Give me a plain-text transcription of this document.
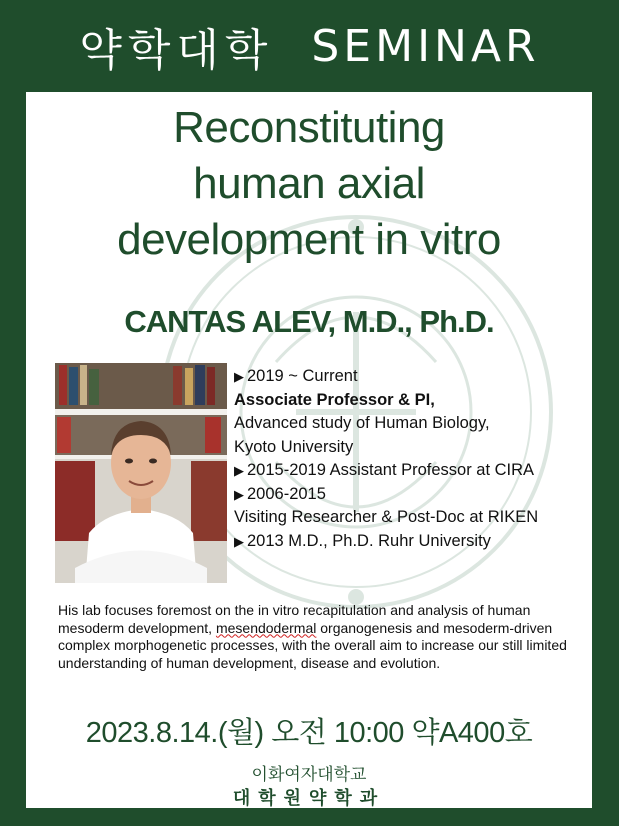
약학대학 SEMINAR
Reconstituting
human axial
development in vitro
CANTAS ALEV, M.D., Ph.D.
▶ 2019 ~ Current
Associate Professor & PI,
Advanced study of Human Biology,
Kyoto University
▶ 2015-2019 Assistant Professor at CIRA
▶ 2006-2015
Visiting Researcher & Post-Doc at RIKEN
▶ 2013 M.D., Ph.D. Ruhr University
His lab focuses foremost on the in vitro recapitulation and analysis of human mesoderm development, mesendodermal organogenesis and mesoderm-driven complex morphogenetic processes, with the overall aim to increase our still limited understanding of human development, disease and evolution.
2023.8.14.(월) 오전 10:00 약A400호
이화여자대학교
대학원약학과
